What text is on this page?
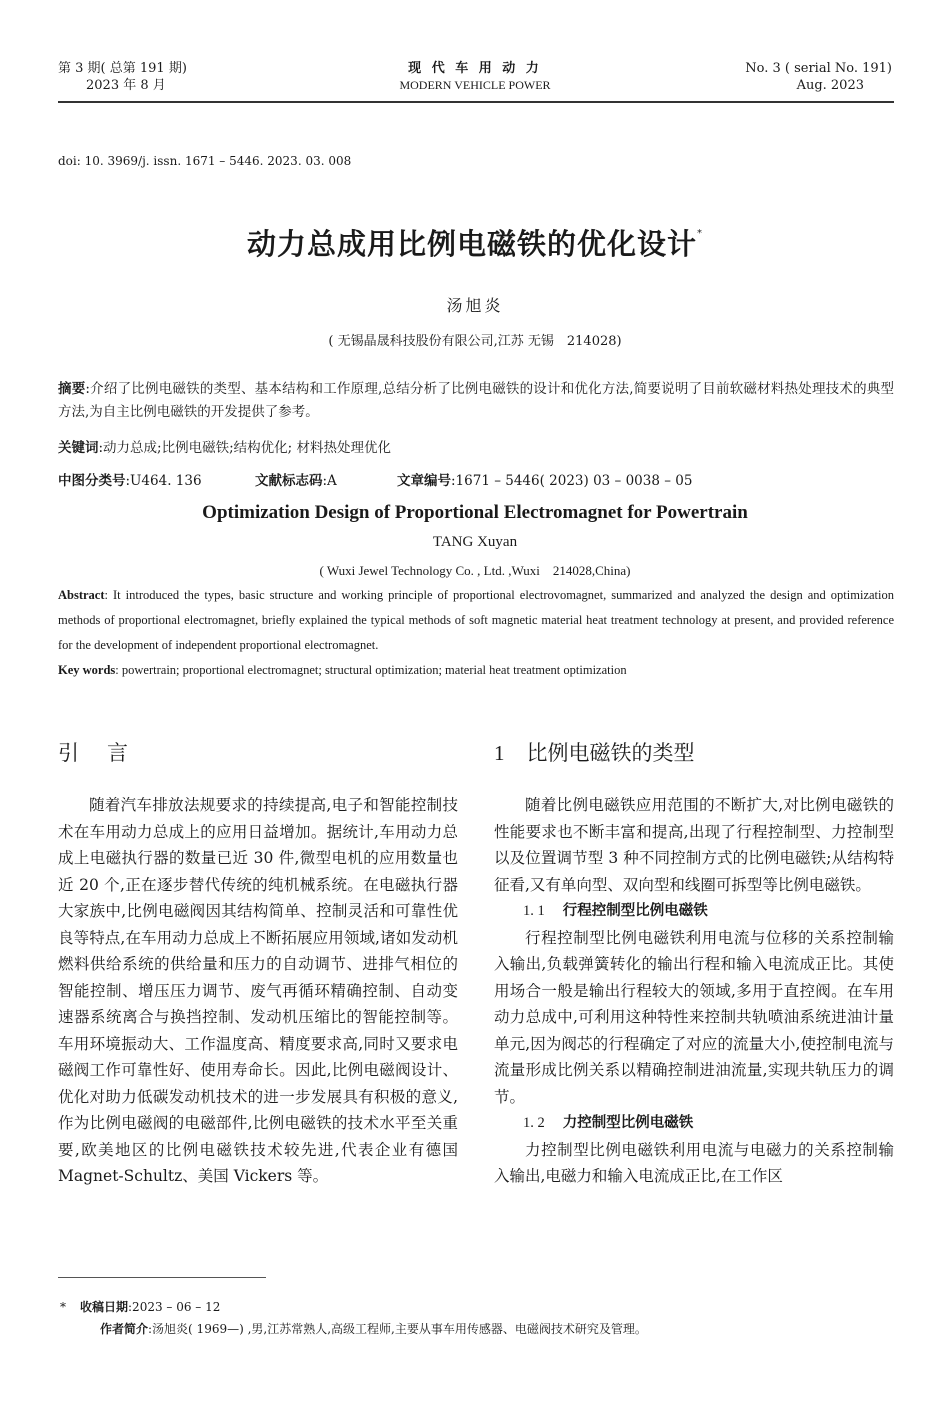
第 3 期( 总第 191 期)
2023 年 8 月
现 代 车 用 动 力
MODERN VEHICLE POWER
No. 3 ( serial No. 191)
Aug. 2023
doi: 10. 3969/j. issn. 1671 – 5446. 2023. 03. 008
动力总成用比例电磁铁的优化设计*
汤旭炎
( 无锡晶晟科技股份有限公司,江苏 无锡　214028)
摘要:介绍了比例电磁铁的类型、基本结构和工作原理,总结分析了比例电磁铁的设计和优化方法,简要说明了目前软磁材料热处理技术的典型方法,为自主比例电磁铁的开发提供了参考。
关键词:动力总成;比例电磁铁;结构优化; 材料热处理优化
中图分类号:U464. 136	文献标志码:A	文章编号:1671 – 5446( 2023) 03 – 0038 – 05
Optimization Design of Proportional Electromagnet for Powertrain
TANG Xuyan
( Wuxi Jewel Technology Co. , Ltd. ,Wuxi　214028,China)
Abstract: It introduced the types, basic structure and working principle of proportional electrovomagnet, summarized and analyzed the design and optimization methods of proportional electromagnet, briefly explained the typical methods of soft magnetic material heat treatment technology at present, and provided reference for the development of independent proportional electromagnet.
Key words: powertrain; proportional electromagnet; structural optimization; material heat treatment optimization
引言	1 比例电磁铁的类型

随着汽车排放法规要求的持续提高,电子和智能控制技术在车用动力总成上的应用日益增加。据统计,车用动力总成上电磁执行器的数量已近 30 件,微型电机的应用数量也近 20 个,正在逐步替代传统的纯机械系统。在电磁执行器大家族中,比例电磁阀因其结构简单、控制灵活和可靠性优良等特点,在车用动力总成上不断拓展应用领域,诸如发动机燃料供给系统的供给量和压力的自动调节、进排气相位的智能控制、增压压力调节、废气再循环精确控制、自动变速器系统离合与换挡控制、发动机压缩比的智能控制等。车用环境振动大、工作温度高、精度要求高,同时又要求电磁阀工作可靠性好、使用寿命长。因此,比例电磁阀设计、优化对助力低碳发动机技术的进一步发展具有积极的意义,作为比例电磁阀的电磁部件,比例电磁铁的技术水平至关重要,欧美地区的比例电磁铁技术较先进,代表企业有德国 Magnet-Schultz、美国 Vickers 等。

随着比例电磁铁应用范围的不断扩大,对比例电磁铁的性能要求也不断丰富和提高,出现了行程控制型、力控制型以及位置调节型 3 种不同控制方式的比例电磁铁;从结构特征看,又有单向型、双向型和线圈可拆型等比例电磁铁。

1. 1 行程控制型比例电磁铁

行程控制型比例电磁铁利用电流与位移的关系控制输入输出,负载弹簧转化的输出行程和输入电流成正比。其使用场合一般是输出行程较大的领域,多用于直控阀。在车用动力总成中,可利用这种特性来控制共轨喷油系统进油计量单元,因为阀芯的行程确定了对应的流量大小,使控制电流与流量形成比例关系以精确控制进油流量,实现共轨压力的调节。

1. 2 力控制型比例电磁铁

力控制型比例电磁铁利用电流与电磁力的关系控制输入输出,电磁力和输入电流成正比,在工作区

* 收稿日期:2023 – 06 – 12
作者简介:汤旭炎( 1969—) ,男,江苏常熟人,高级工程师,主要从事车用传感器、电磁阀技术研究及管理。
